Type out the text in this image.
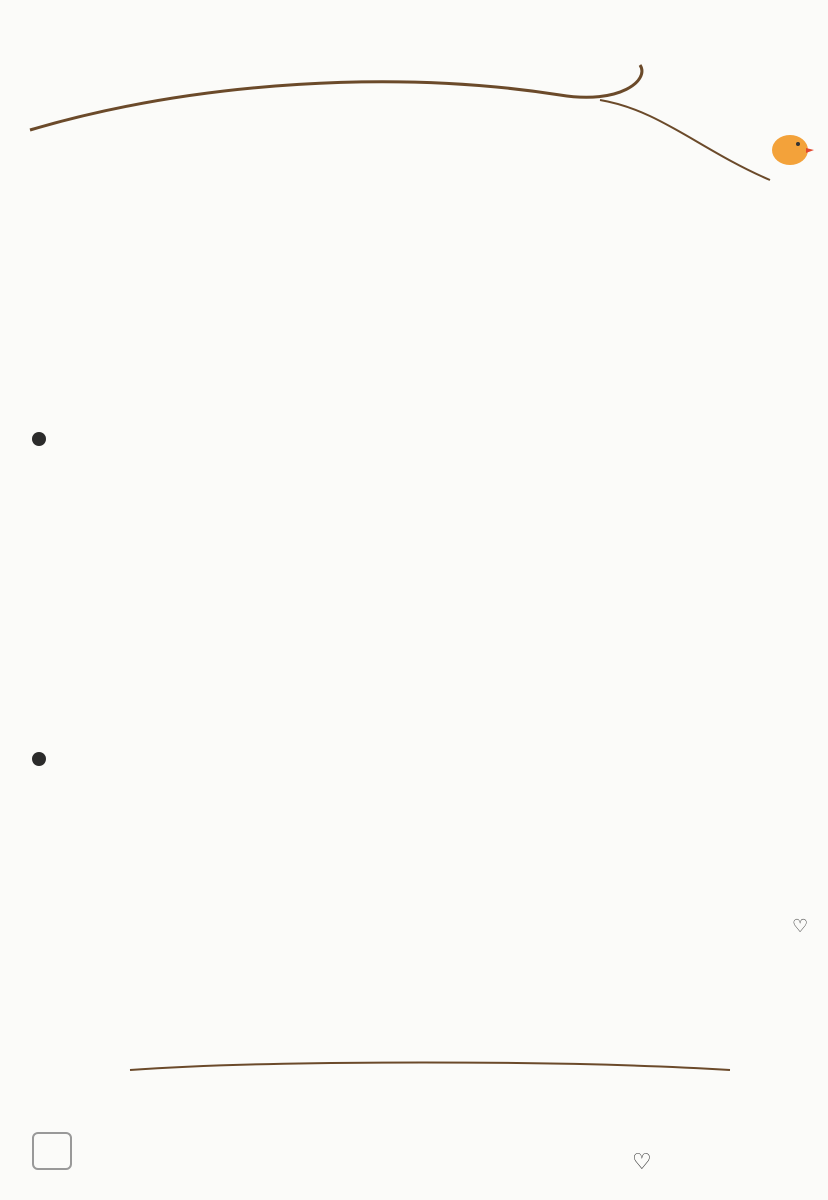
♡
♡
